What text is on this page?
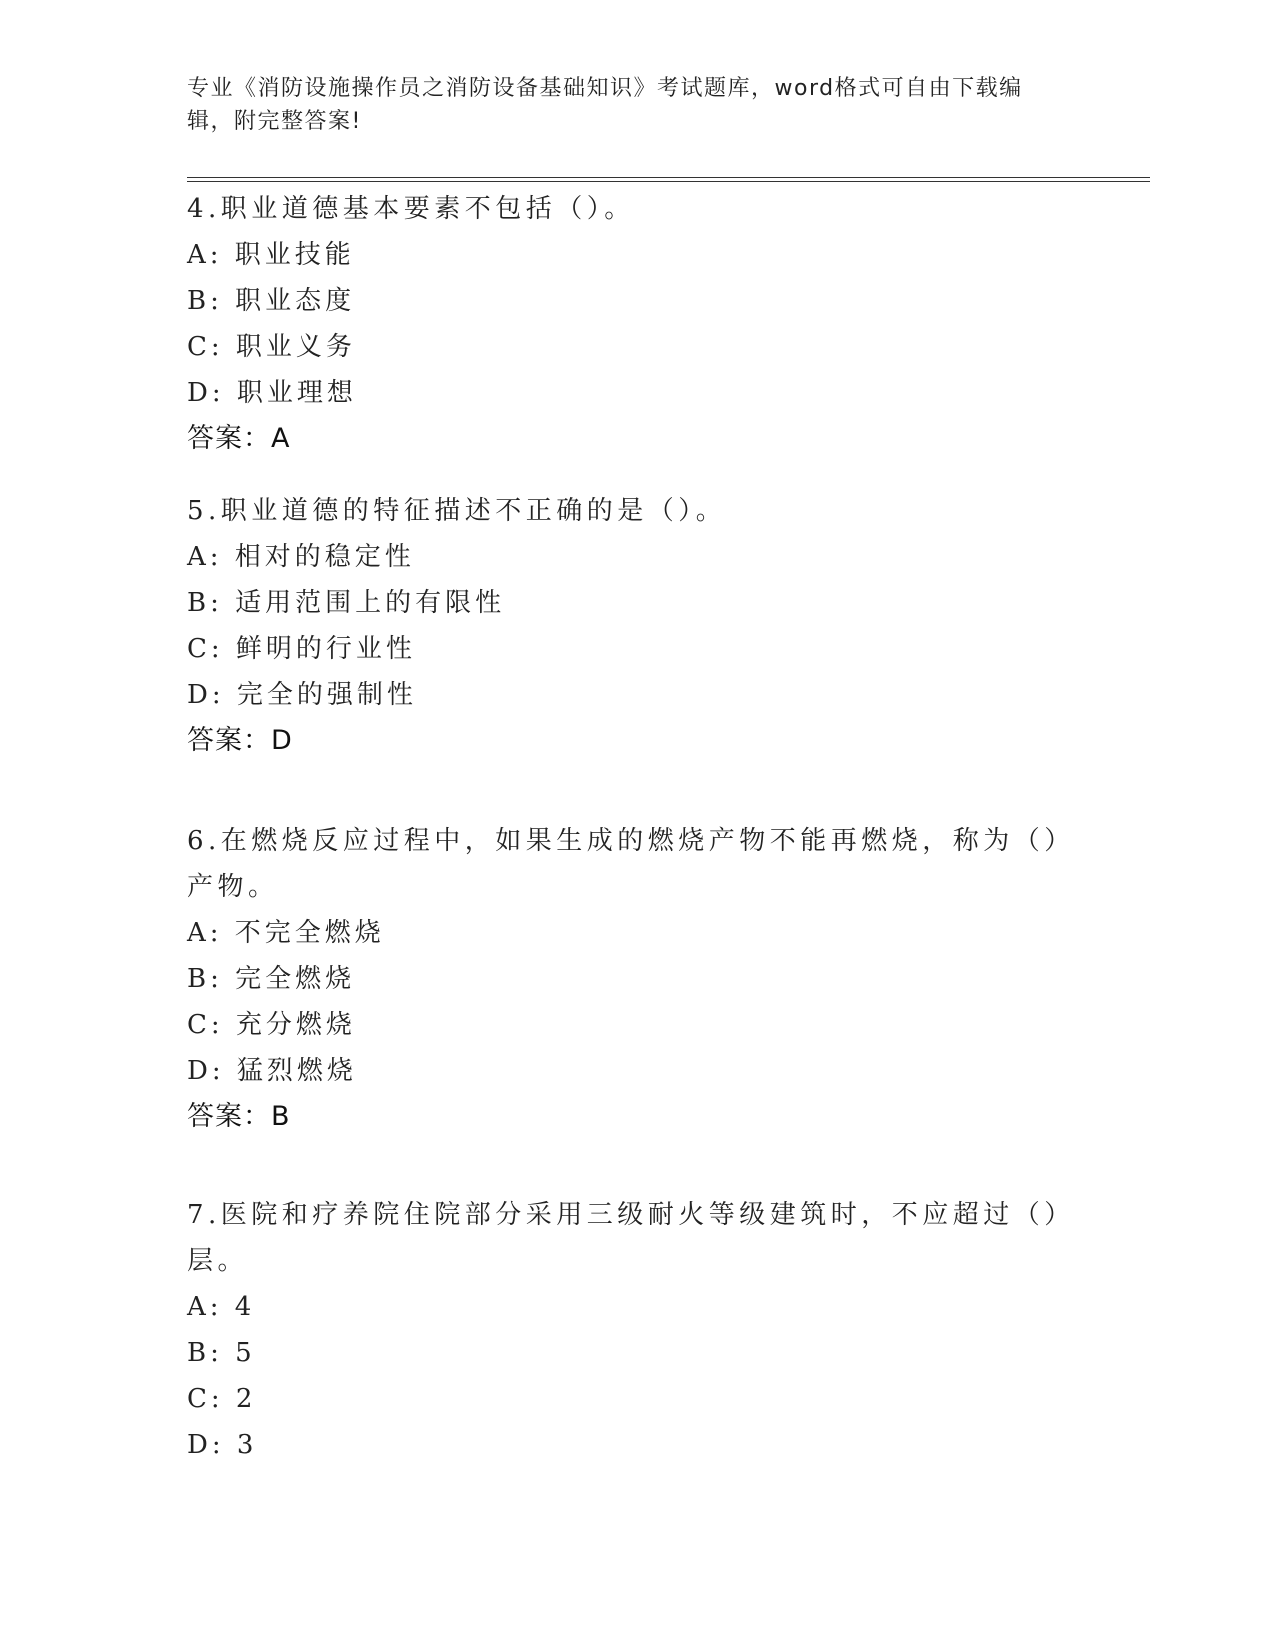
专业《消防设施操作员之消防设备基础知识》考试题库，word格式可自由下载编辑，附完整答案!
4.职业道德基本要素不包括（）。
A: 职业技能
B: 职业态度
C: 职业义务
D: 职业理想
答案：A
5.职业道德的特征描述不正确的是（）。
A: 相对的稳定性
B: 适用范围上的有限性
C: 鲜明的行业性
D: 完全的强制性
答案：D
6.在燃烧反应过程中，如果生成的燃烧产物不能再燃烧，称为（）产物。
A: 不完全燃烧
B: 完全燃烧
C: 充分燃烧
D: 猛烈燃烧
答案：B
7.医院和疗养院住院部分采用三级耐火等级建筑时，不应超过（）层。
A: 4
B: 5
C: 2
D: 3
